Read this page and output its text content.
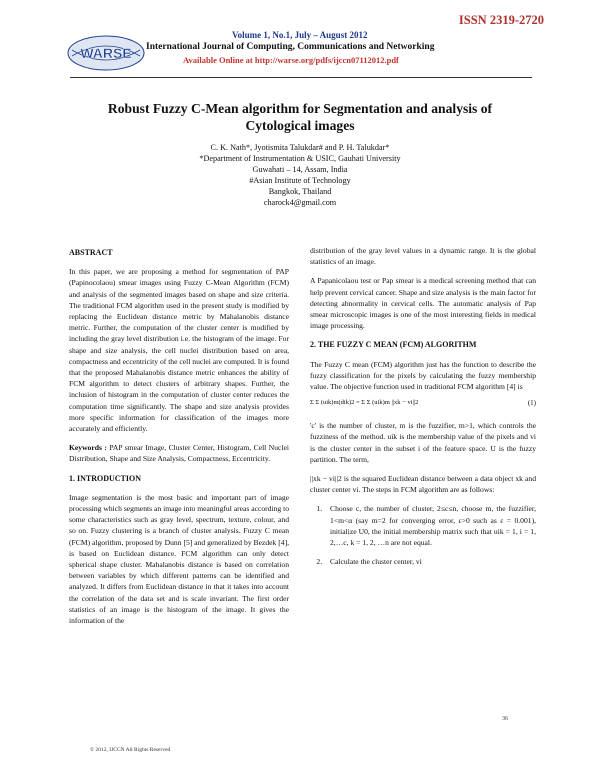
ISSN 2319-2720
WARSE
Volume 1, No.1, July – August 2012
International Journal of Computing, Communications and Networking
Available Online at http://warse.org/pdfs/ijccn07112012.pdf
Robust Fuzzy C-Mean algorithm for Segmentation and analysis of Cytological images
C. K. Nath*, Jyotismita Talukdar# and P. H. Talukdar*
*Department of Instrumentation & USIC, Gauhati University
Guwahati – 14, Assam, India
#Asian Institute of Technology
Bangkok, Thailand
charock4@gmail.com
ABSTRACT

In this paper, we are proposing a method for segmentation of PAP (Papinocolaou) smear images using Fuzzy C-Mean Algorithm (FCM) and analysis of the segmented images based on shape and size criteria. The traditional FCM algorithm used in the present study is modified by replacing the Euclidean distance metric by Mahalanobis distance metric. Further, the computation of the cluster center is modified by including the gray level distribution i.e. the histogram of the image. For shape and size analysis, the cell nuclei distribution based on area, compactness and eccentricity of the cell nuclei are computed. It is found that the proposed Mahalanobis distance metric enhances the ability of FCM algorithm to detect clusters of arbitrary shapes. Further, the inclusion of histogram in the computation of cluster center reduces the computation time significantly. The shape and size analysis provides more specific information for classification of the images more accurately and efficiently.

Keywords : PAP smear Image, Cluster Center, Histogram, Cell Nuclei Distribution, Shape and Size Analysis, Compactness, Eccentricity.

1. INTRODUCTION

Image segmentation is the most basic and important part of image processing which segments an image into meaningful areas according to some characteristics such as gray level, spectrum, texture, colour, and so on. Fuzzy clustering is a branch of cluster analysis. Fuzzy C mean (FCM) algorithm, proposed by Dunn [5] and generalized by Bezdek [4], is based on Euclidean distance. FCM algorithm can only detect spherical shape cluster. Mahalanobis distance is based on correlation between variables by which different patterns can be identified and analyzed. It differs from Euclidean distance in that it takes into account the correlation of the data set and is scale invariant. The first order statistics of an image is the histogram of the image. It gives the information of the

distribution of the gray level values in a dynamic range. It is the global statistics of an image.

A Papanicolaou test or Pap smear is a medical screening method that can help prevent cervical cancer. Shape and size analysis is the main factor for detecting abnormality in cervical cells. The automatic analysis of Pap smear microscopic images is one of the most interesting fields in medical image processing.

2. THE FUZZY C MEAN (FCM) ALGORITHM

The Fuzzy C mean (FCM) algorithm just has the function to describe the fuzzy classification for the pixels by calculating the fuzzy membership value. The objective function used in traditional FCM algorithm [4] is

Σ Σ (uik)m(dik)2 = Σ Σ (uik)m ||xk − vi||2	(1)

'c' is the number of cluster, m is the fuzzifier, m>1, which controls the fuzziness of the method. uik is the membership value of the pixels and vi is the cluster center in the subset i of the feature space. U is the fuzzy partition. The term,

||xk − vi||2 is the squared Euclidean distance between a data object xk and cluster center vi. The steps in FCM algorithm are as follows:

1. Choose c, the number of cluster, 2≤c≤n, choose m, the fuzzifier, 1<m<α (say m=2 for converging error, ε>0 such as ε = 0.001), initialize U0, the initial membership matrix such that uik = 1, i = 1, 2,…c, k = 1, 2, …n are not equal.
2. Calculate the cluster center, vi
36
© 2012, IJCCN All Rights Reserved
